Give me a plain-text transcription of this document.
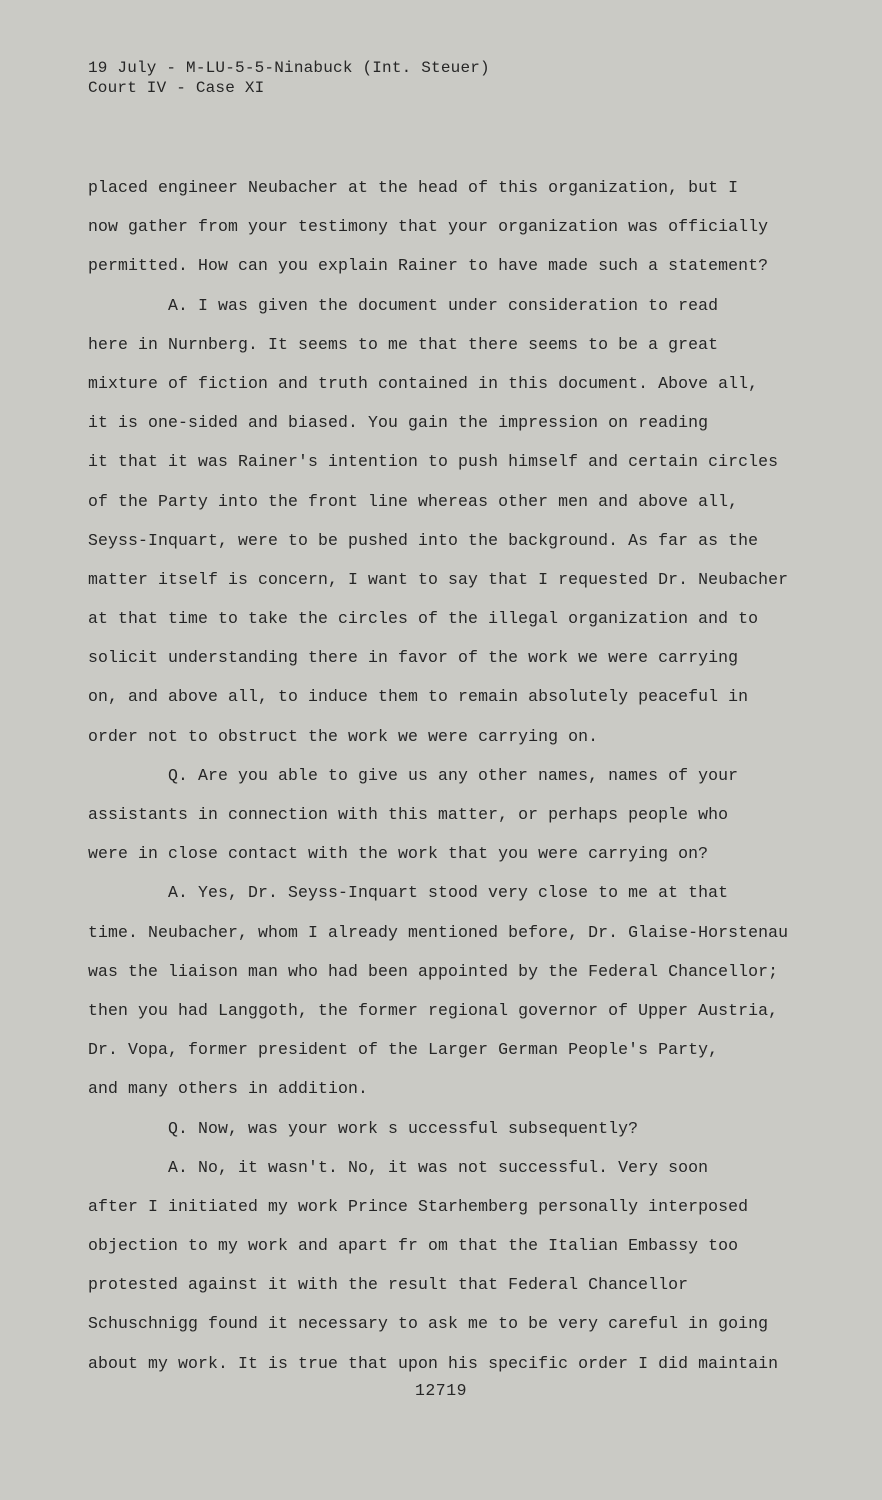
19 July - M-LU-5-5-Ninabuck (Int. Steuer)
Court IV - Case XI
placed engineer Neubacher at the head of this organization, but I
now gather from your testimony that your organization was officially
permitted. How can you explain Rainer to have made such a statement?
A. I was given the document under consideration to read
here in Nurnberg. It seems to me that there seems to be a great
mixture of fiction and truth contained in this document. Above all,
it is one-sided and biased. You gain the impression on reading
it that it was Rainer's intention to push himself and certain circles
of the Party into the front line whereas other men and above all,
Seyss-Inquart, were to be pushed into the background. As far as the
matter itself is concern, I want to say that I requested Dr. Neubacher
at that time to take the circles of the illegal organization and to
solicit understanding there in favor of the work we were carrying
on, and above all, to induce them to remain absolutely peaceful in
order not to obstruct the work we were carrying on.
Q. Are you able to give us any other names, names of your
assistants in connection with this matter, or perhaps people who
were in close contact with the work that you were carrying on?
A. Yes, Dr. Seyss-Inquart stood very close to me at that
time. Neubacher, whom I already mentioned before, Dr. Glaise-Horstenau
was the liaison man who had been appointed by the Federal Chancellor;
then you had Langgoth, the former regional governor of Upper Austria,
Dr. Vopa, former president of the Larger German People's Party,
and many others in addition.
Q. Now, was your work s uccessful subsequently?
A. No, it wasn't. No, it was not successful. Very soon
after I initiated my work Prince Starhemberg personally interposed
objection to my work and apart fr om that the Italian Embassy too
protested against it with the result that Federal Chancellor
Schuschnigg found it necessary to ask me to be very careful in going
about my work. It is true that upon his specific order I did maintain
12719
